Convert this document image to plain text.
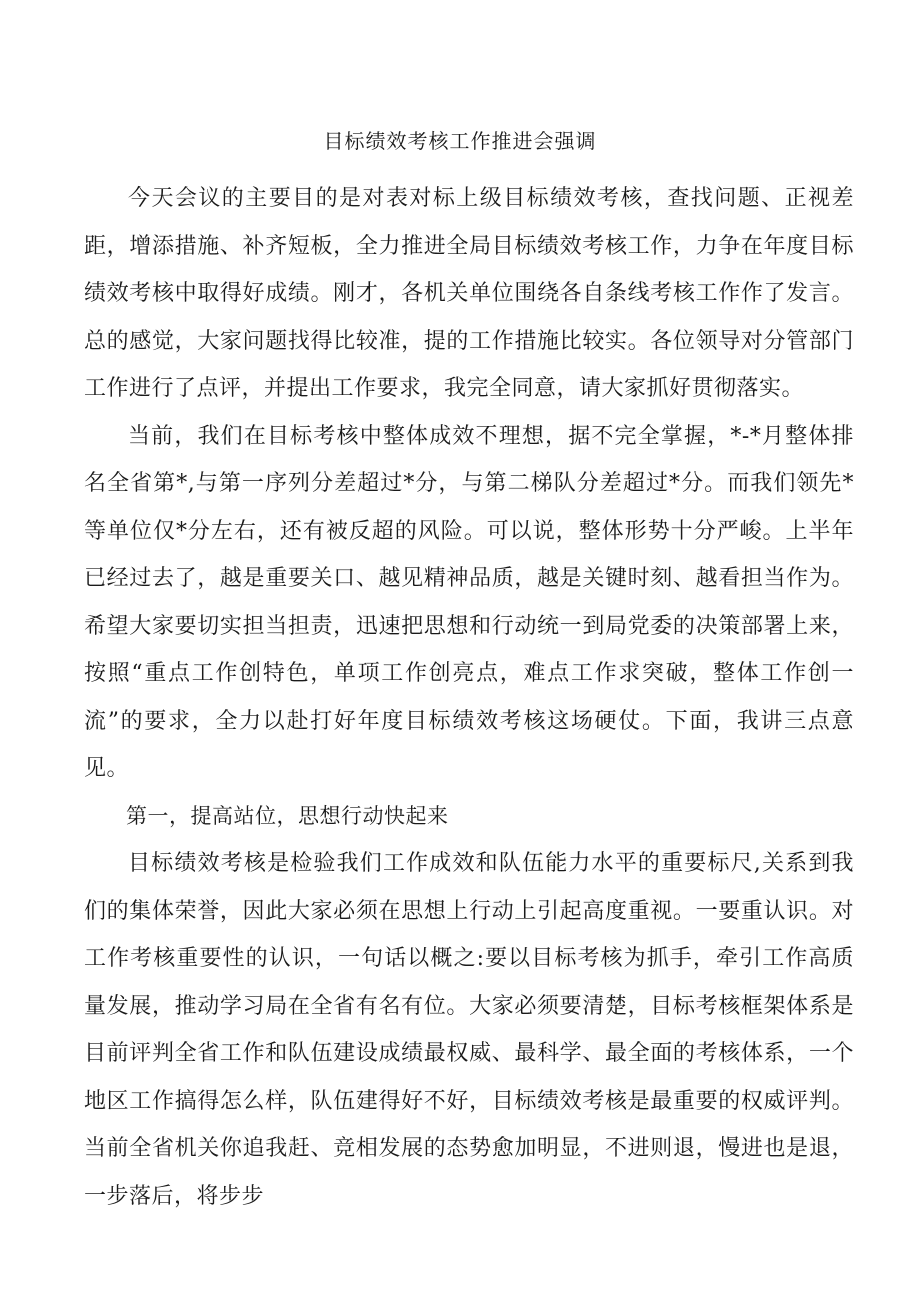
目标绩效考核工作推进会强调

今天会议的主要目的是对表对标上级目标绩效考核，查找问题、正视差距，增添措施、补齐短板，全力推进全局目标绩效考核工作，力争在年度目标绩效考核中取得好成绩。刚才，各机关单位围绕各自条线考核工作作了发言。总的感觉，大家问题找得比较准，提的工作措施比较实。各位领导对分管部门工作进行了点评，并提出工作要求，我完全同意，请大家抓好贯彻落实。

当前，我们在目标考核中整体成效不理想，据不完全掌握，*-*月整体排名全省第*,与第一序列分差超过*分，与第二梯队分差超过*分。而我们领先*等单位仅*分左右，还有被反超的风险。可以说，整体形势十分严峻。上半年已经过去了，越是重要关口、越见精神品质，越是关键时刻、越看担当作为。希望大家要切实担当担责，迅速把思想和行动统一到局党委的决策部署上来，按照“重点工作创特色，单项工作创亮点，难点工作求突破，整体工作创一流”的要求，全力以赴打好年度目标绩效考核这场硬仗。下面，我讲三点意见。

第一，提高站位，思想行动快起来

目标绩效考核是检验我们工作成效和队伍能力水平的重要标尺,关系到我们的集体荣誉，因此大家必须在思想上行动上引起高度重视。一要重认识。对工作考核重要性的认识，一句话以概之:要以目标考核为抓手，牵引工作高质量发展，推动学习局在全省有名有位。大家必须要清楚，目标考核框架体系是目前评判全省工作和队伍建设成绩最权威、最科学、最全面的考核体系，一个地区工作搞得怎么样，队伍建得好不好，目标绩效考核是最重要的权威评判。当前全省机关你追我赶、竞相发展的态势愈加明显，不进则退，慢进也是退，一步落后，将步步
